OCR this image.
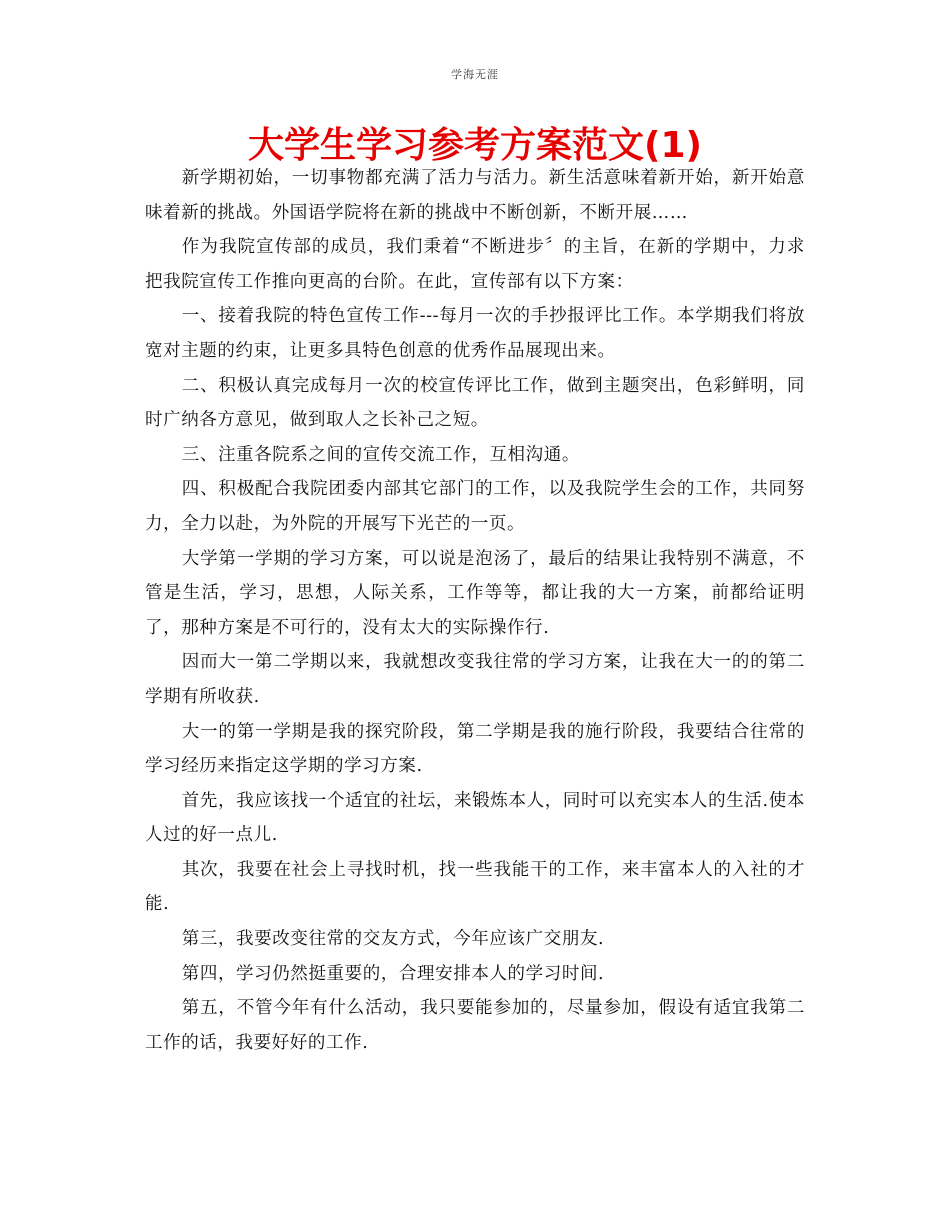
学海无涯
大学生学习参考方案范文(1)

新学期初始，一切事物都充满了活力与活力。新生活意味着新开始，新开始意味着新的挑战。外国语学院将在新的挑战中不断创新，不断开展……

作为我院宣传部的成员，我们秉着“不断进步〞的主旨，在新的学期中，力求把我院宣传工作推向更高的台阶。在此，宣传部有以下方案：

一、接着我院的特色宣传工作---每月一次的手抄报评比工作。本学期我们将放宽对主题的约束，让更多具特色创意的优秀作品展现出来。

二、积极认真完成每月一次的校宣传评比工作，做到主题突出，色彩鲜明，同时广纳各方意见，做到取人之长补己之短。

三、注重各院系之间的宣传交流工作，互相沟通。

四、积极配合我院团委内部其它部门的工作，以及我院学生会的工作，共同努力，全力以赴，为外院的开展写下光芒的一页。

大学第一学期的学习方案，可以说是泡汤了，最后的结果让我特别不满意，不管是生活，学习，思想，人际关系，工作等等，都让我的大一方案，前都给证明了，那种方案是不可行的，没有太大的实际操作行.

因而大一第二学期以来，我就想改变我往常的学习方案，让我在大一的的第二学期有所收获.

大一的第一学期是我的探究阶段，第二学期是我的施行阶段，我要结合往常的学习经历来指定这学期的学习方案.

首先，我应该找一个适宜的社坛，来锻炼本人，同时可以充实本人的生活.使本人过的好一点儿.

其次，我要在社会上寻找时机，找一些我能干的工作，来丰富本人的入社的才能.

第三，我要改变往常的交友方式，今年应该广交朋友.

第四，学习仍然挺重要的，合理安排本人的学习时间.

第五，不管今年有什么活动，我只要能参加的，尽量参加，假设有适宜我第二工作的话，我要好好的工作.
